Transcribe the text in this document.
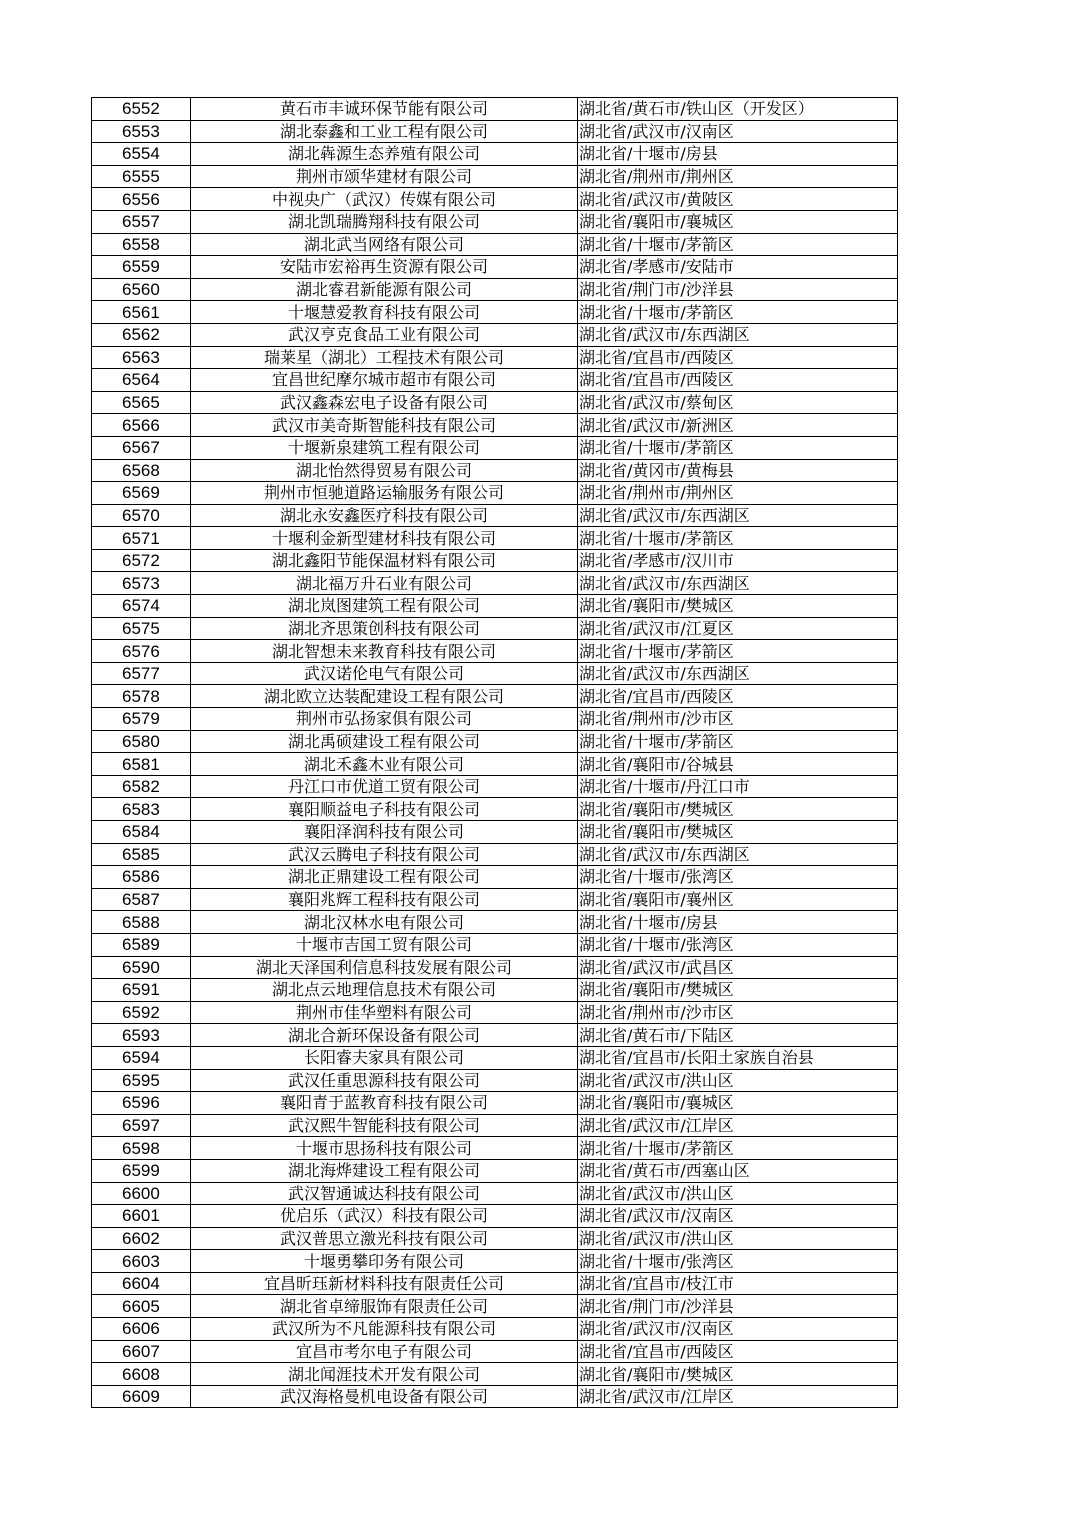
6552	黄石市丰诚环保节能有限公司	湖北省/黄石市/铁山区（开发区）
6553	湖北泰鑫和工业工程有限公司	湖北省/武汉市/汉南区
6554	湖北犇源生态养殖有限公司	湖北省/十堰市/房县
6555	荆州市颂华建材有限公司	湖北省/荆州市/荆州区
6556	中视央广（武汉）传媒有限公司	湖北省/武汉市/黄陂区
6557	湖北凯瑞腾翔科技有限公司	湖北省/襄阳市/襄城区
6558	湖北武当网络有限公司	湖北省/十堰市/茅箭区
6559	安陆市宏裕再生资源有限公司	湖北省/孝感市/安陆市
6560	湖北睿君新能源有限公司	湖北省/荆门市/沙洋县
6561	十堰慧爱教育科技有限公司	湖北省/十堰市/茅箭区
6562	武汉亨克食品工业有限公司	湖北省/武汉市/东西湖区
6563	瑞莱星（湖北）工程技术有限公司	湖北省/宜昌市/西陵区
6564	宜昌世纪摩尔城市超市有限公司	湖北省/宜昌市/西陵区
6565	武汉鑫森宏电子设备有限公司	湖北省/武汉市/蔡甸区
6566	武汉市美奇斯智能科技有限公司	湖北省/武汉市/新洲区
6567	十堰新泉建筑工程有限公司	湖北省/十堰市/茅箭区
6568	湖北怡然得贸易有限公司	湖北省/黄冈市/黄梅县
6569	荆州市恒驰道路运输服务有限公司	湖北省/荆州市/荆州区
6570	湖北永安鑫医疗科技有限公司	湖北省/武汉市/东西湖区
6571	十堰利金新型建材科技有限公司	湖北省/十堰市/茅箭区
6572	湖北鑫阳节能保温材料有限公司	湖北省/孝感市/汉川市
6573	湖北福万升石业有限公司	湖北省/武汉市/东西湖区
6574	湖北岚图建筑工程有限公司	湖北省/襄阳市/樊城区
6575	湖北齐思策创科技有限公司	湖北省/武汉市/江夏区
6576	湖北智想未来教育科技有限公司	湖北省/十堰市/茅箭区
6577	武汉诺伦电气有限公司	湖北省/武汉市/东西湖区
6578	湖北欧立达装配建设工程有限公司	湖北省/宜昌市/西陵区
6579	荆州市弘扬家俱有限公司	湖北省/荆州市/沙市区
6580	湖北禹硕建设工程有限公司	湖北省/十堰市/茅箭区
6581	湖北禾鑫木业有限公司	湖北省/襄阳市/谷城县
6582	丹江口市优道工贸有限公司	湖北省/十堰市/丹江口市
6583	襄阳顺益电子科技有限公司	湖北省/襄阳市/樊城区
6584	襄阳泽润科技有限公司	湖北省/襄阳市/樊城区
6585	武汉云腾电子科技有限公司	湖北省/武汉市/东西湖区
6586	湖北正鼎建设工程有限公司	湖北省/十堰市/张湾区
6587	襄阳兆辉工程科技有限公司	湖北省/襄阳市/襄州区
6588	湖北汉林水电有限公司	湖北省/十堰市/房县
6589	十堰市吉国工贸有限公司	湖北省/十堰市/张湾区
6590	湖北天泽国利信息科技发展有限公司	湖北省/武汉市/武昌区
6591	湖北点云地理信息技术有限公司	湖北省/襄阳市/樊城区
6592	荆州市佳华塑料有限公司	湖北省/荆州市/沙市区
6593	湖北合新环保设备有限公司	湖北省/黄石市/下陆区
6594	长阳睿夫家具有限公司	湖北省/宜昌市/长阳土家族自治县
6595	武汉任重思源科技有限公司	湖北省/武汉市/洪山区
6596	襄阳青于蓝教育科技有限公司	湖北省/襄阳市/襄城区
6597	武汉熙牛智能科技有限公司	湖北省/武汉市/江岸区
6598	十堰市思扬科技有限公司	湖北省/十堰市/茅箭区
6599	湖北海烨建设工程有限公司	湖北省/黄石市/西塞山区
6600	武汉智通诚达科技有限公司	湖北省/武汉市/洪山区
6601	优启乐（武汉）科技有限公司	湖北省/武汉市/汉南区
6602	武汉普思立激光科技有限公司	湖北省/武汉市/洪山区
6603	十堰勇攀印务有限公司	湖北省/十堰市/张湾区
6604	宜昌昕珏新材料科技有限责任公司	湖北省/宜昌市/枝江市
6605	湖北省卓缔服饰有限责任公司	湖北省/荆门市/沙洋县
6606	武汉所为不凡能源科技有限公司	湖北省/武汉市/汉南区
6607	宜昌市考尔电子有限公司	湖北省/宜昌市/西陵区
6608	湖北闻涯技术开发有限公司	湖北省/襄阳市/樊城区
6609	武汉海格曼机电设备有限公司	湖北省/武汉市/江岸区
